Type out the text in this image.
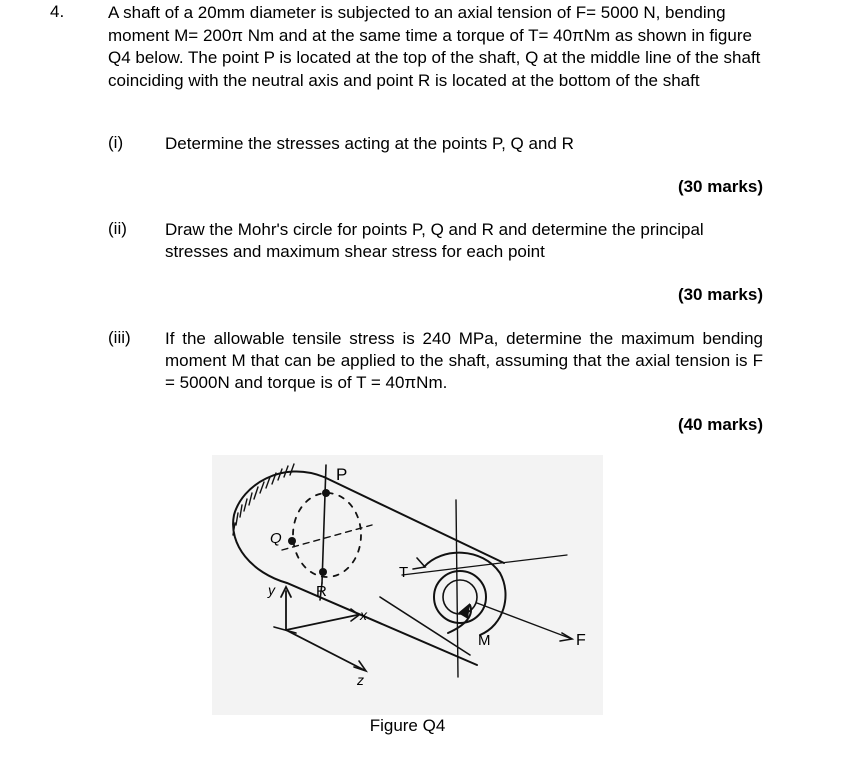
4.	A shaft of a 20mm diameter is subjected to an axial tension of F= 5000 N, bending moment M= 200π Nm and at the same time a torque of T= 40πNm as shown in figure Q4 below. The point P is located at the top of the shaft, Q at the middle line of the shaft coinciding with the neutral axis and point R is located at the bottom of the shaft
(i) Determine the stresses acting at the points P, Q and R
(30 marks)
(ii) Draw the Mohr's circle for points P, Q and R and determine the principal stresses and maximum shear stress for each point
(30 marks)
(iii) If the allowable tensile stress is 240 MPa, determine the maximum bending moment M that can be applied to the shaft, assuming that the axial tension is F = 5000N and torque is of T = 40πNm.
(40 marks)
P
Q
R
T
M	F
y
x
z
Figure Q4
